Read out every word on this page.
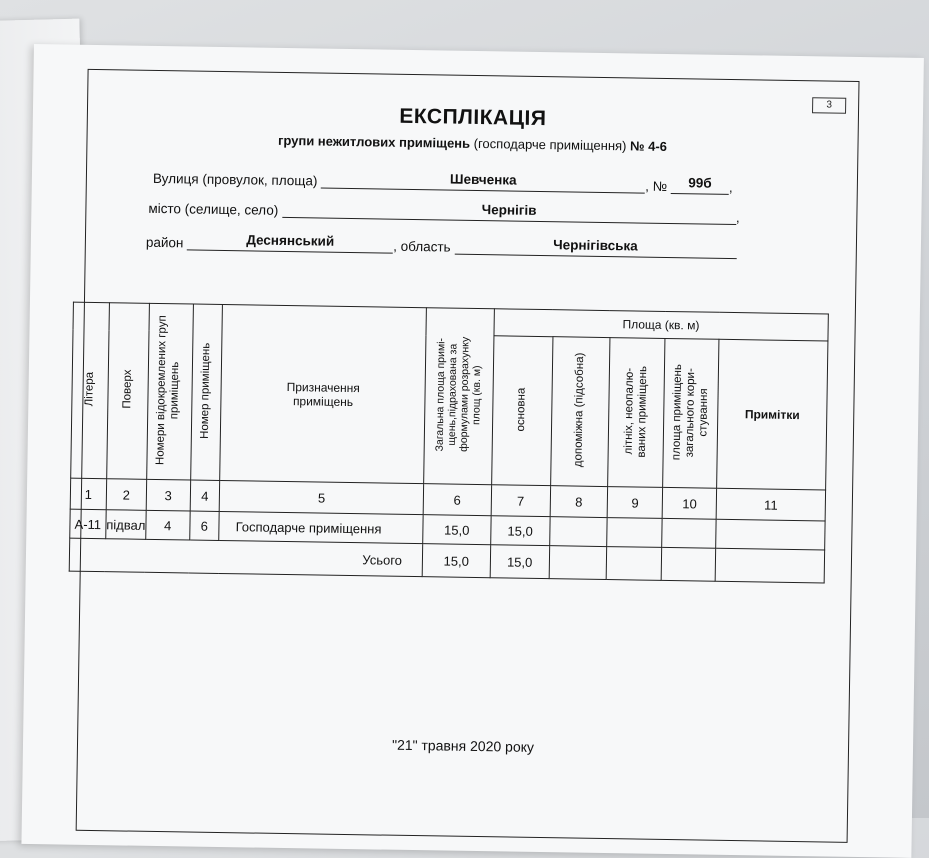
3
ЕКСПЛІКАЦІЯ
групи нежитлових приміщень (господарче приміщення) № 4-6
Вулиця (провулок, площа)	Шевченка	, № 99б ,
місто (селище, село)	Чернігів	,
район	Деснянський	, область	Чернігівська
Літера	Поверх	Номери відокремлених груп приміщень	Номер приміщень	Призначення приміщень	Загальна площа примі- щень,підрахована за формулами розрахунку площ (кв. м)	Площа (кв. м)				
						основна	допоміжна (підсобна)	літніх, неопалю- ваних приміщень	площа приміщень загального кори- стування	Примітки
1	2	3	4	5	6	7	8	9	10	11
А-11	підвал	4	6	Господарче приміщення	15,0	15,0				
Усього					15,0	15,0				
"21" травня 2020 року
